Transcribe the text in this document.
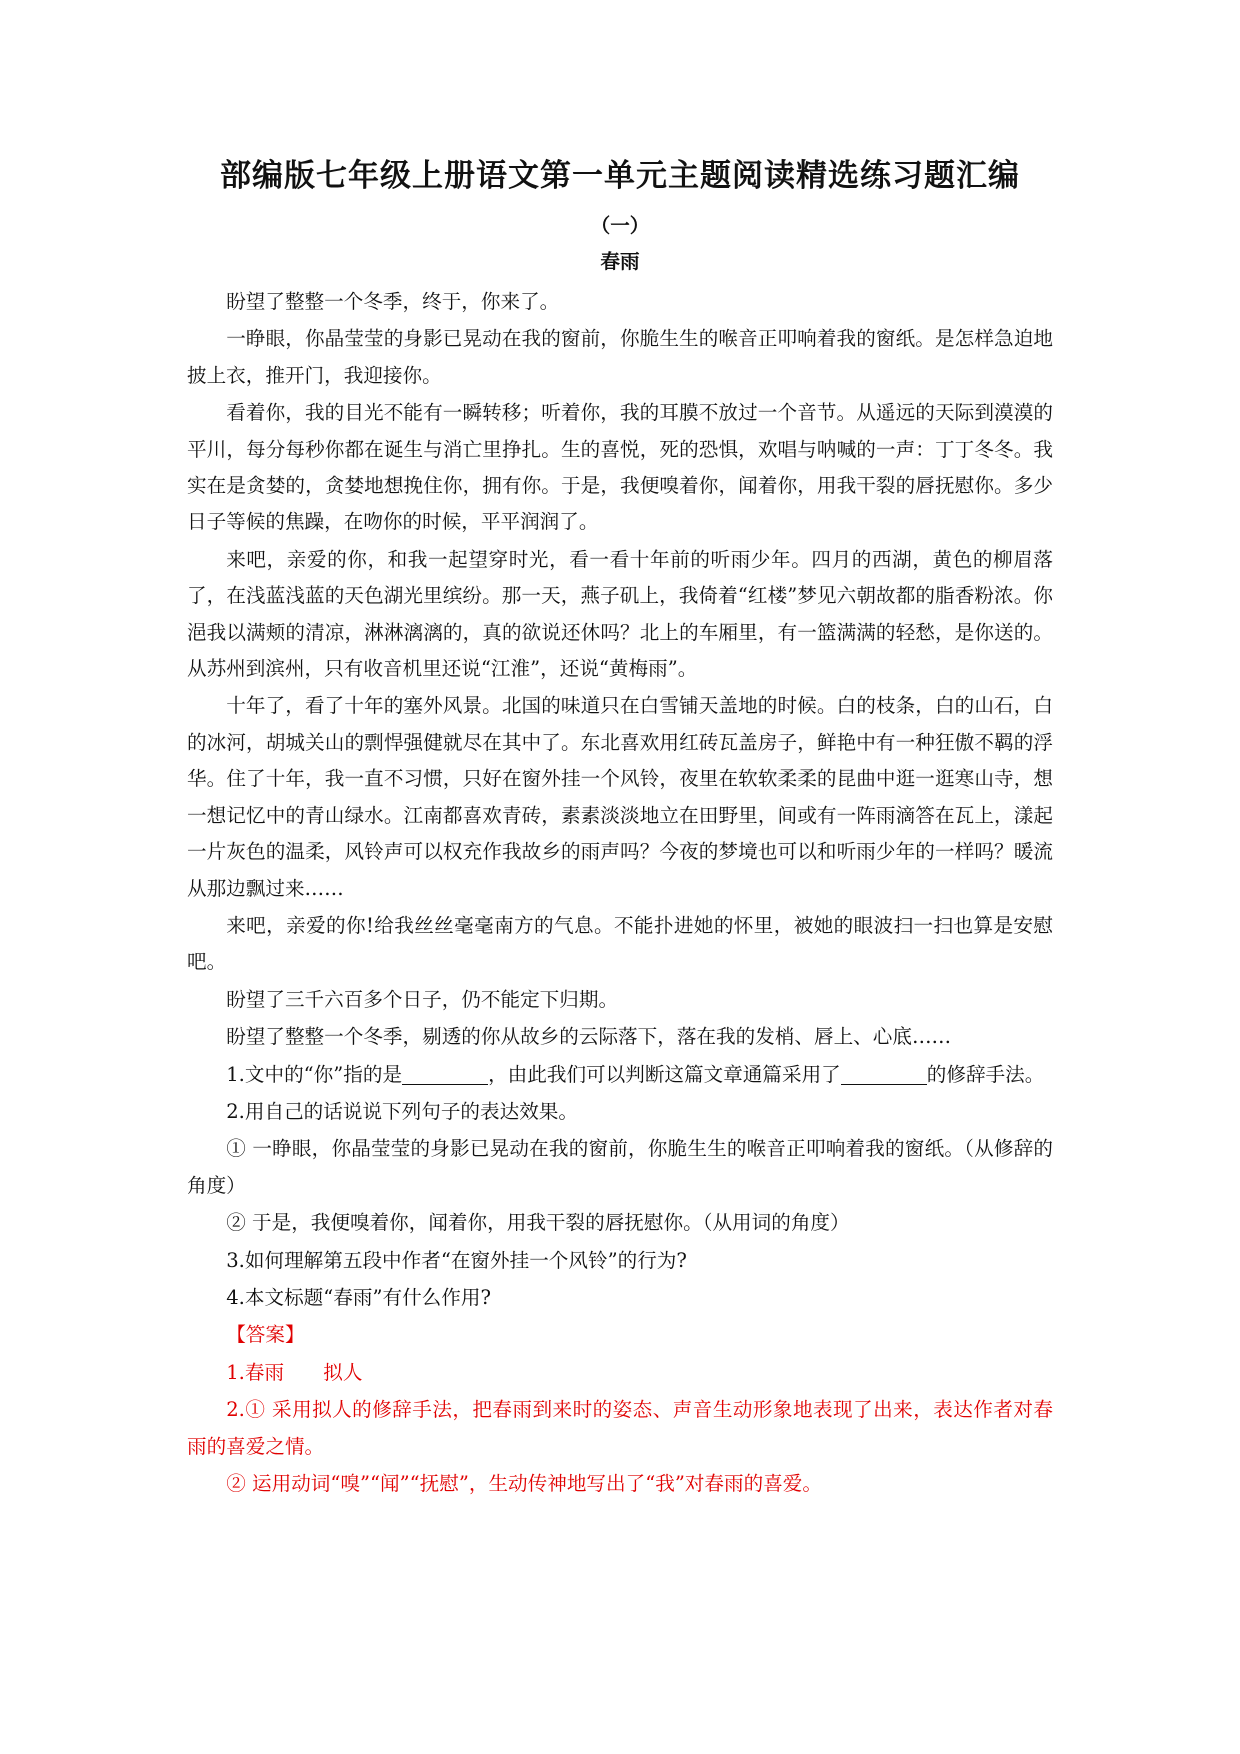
部编版七年级上册语文第一单元主题阅读精选练习题汇编
（一）
春雨

盼望了整整一个冬季，终于，你来了。

一睁眼，你晶莹莹的身影已晃动在我的窗前，你脆生生的喉音正叩响着我的窗纸。是怎样急迫地披上衣，推开门，我迎接你。

看着你，我的目光不能有一瞬转移；听着你，我的耳膜不放过一个音节。从遥远的天际到漠漠的平川，每分每秒你都在诞生与消亡里挣扎。生的喜悦，死的恐惧，欢唱与呐喊的一声：丁丁冬冬。我实在是贪婪的，贪婪地想挽住你，拥有你。于是，我便嗅着你，闻着你，用我干裂的唇抚慰你。多少日子等候的焦躁，在吻你的时候，平平润润了。

来吧，亲爱的你，和我一起望穿时光，看一看十年前的听雨少年。四月的西湖，黄色的柳眉落了，在浅蓝浅蓝的天色湖光里缤纷。那一天，燕子矶上，我倚着“红楼”梦见六朝故都的脂香粉浓。你浥我以满颊的清凉，淋淋漓漓的，真的欲说还休吗？北上的车厢里，有一篮满满的轻愁，是你送的。从苏州到滨州，只有收音机里还说“江淮”，还说“黄梅雨”。

十年了，看了十年的塞外风景。北国的味道只在白雪铺天盖地的时候。白的枝条，白的山石，白的冰河，胡城关山的剽悍强健就尽在其中了。东北喜欢用红砖瓦盖房子，鲜艳中有一种狂傲不羁的浮华。住了十年，我一直不习惯，只好在窗外挂一个风铃，夜里在软软柔柔的昆曲中逛一逛寒山寺，想一想记忆中的青山绿水。江南都喜欢青砖，素素淡淡地立在田野里，间或有一阵雨滴答在瓦上，漾起一片灰色的温柔，风铃声可以权充作我故乡的雨声吗？今夜的梦境也可以和听雨少年的一样吗？暖流从那边飘过来……

来吧，亲爱的你!给我丝丝毫毫南方的气息。不能扑进她的怀里，被她的眼波扫一扫也算是安慰吧。

盼望了三千六百多个日子，仍不能定下归期。

盼望了整整一个冬季，剔透的你从故乡的云际落下，落在我的发梢、唇上、心底……

1.文中的“你”指的是	，由此我们可以判断这篇文章通篇采用了	的修辞手法。

2.用自己的话说说下列句子的表达效果。

① 一睁眼，你晶莹莹的身影已晃动在我的窗前，你脆生生的喉音正叩响着我的窗纸。（从修辞的角度）

② 于是，我便嗅着你，闻着你，用我干裂的唇抚慰你。（从用词的角度）

3.如何理解第五段中作者“在窗外挂一个风铃”的行为?

4.本文标题“春雨”有什么作用?

【答案】

1.春雨　　拟人

2.① 采用拟人的修辞手法，把春雨到来时的姿态、声音生动形象地表现了出来，表达作者对春雨的喜爱之情。

② 运用动词“嗅”“闻”“抚慰”，生动传神地写出了“我”对春雨的喜爱。
